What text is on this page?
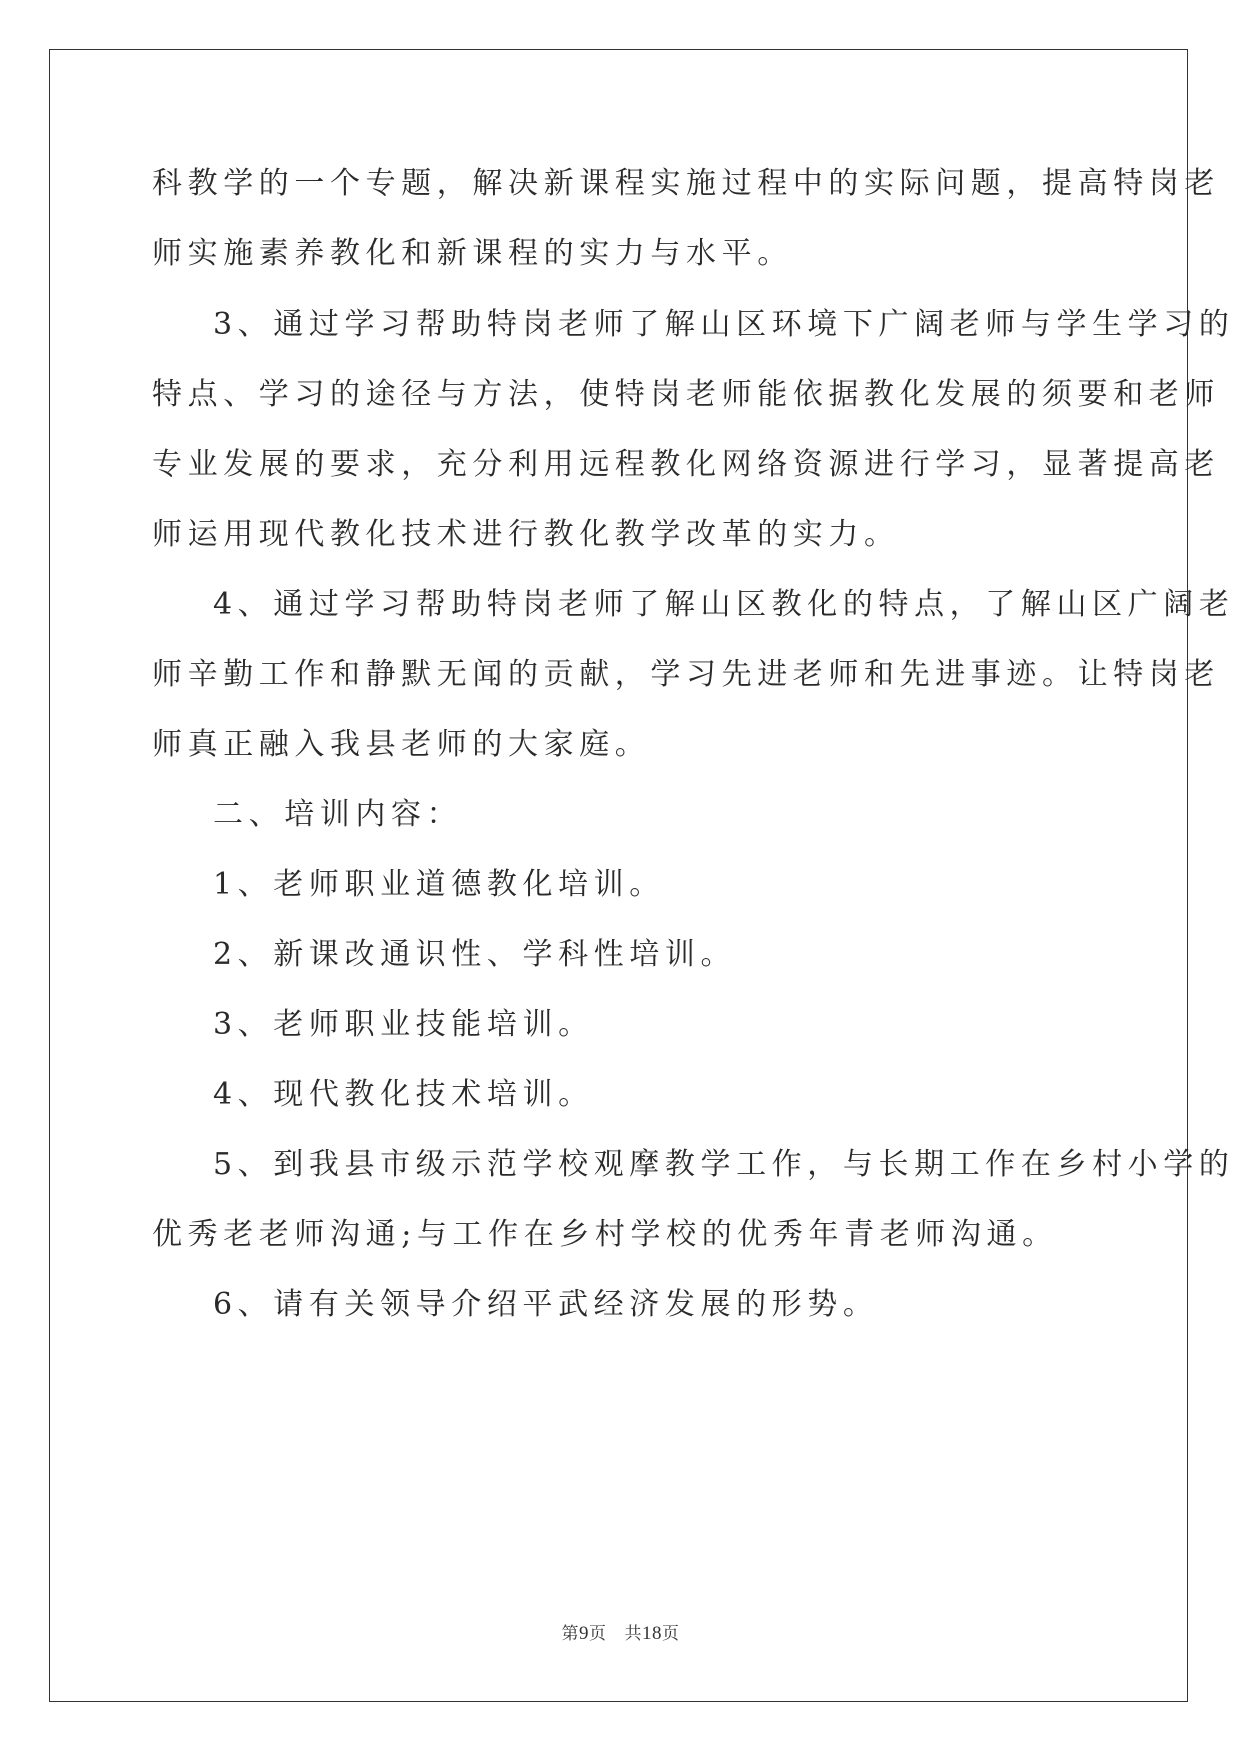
科教学的一个专题，解决新课程实施过程中的实际问题，提高特岗老
师实施素养教化和新课程的实力与水平。
3、通过学习帮助特岗老师了解山区环境下广阔老师与学生学习的
特点、学习的途径与方法，使特岗老师能依据教化发展的须要和老师
专业发展的要求，充分利用远程教化网络资源进行学习，显著提高老
师运用现代教化技术进行教化教学改革的实力。
4、通过学习帮助特岗老师了解山区教化的特点，了解山区广阔老
师辛勤工作和静默无闻的贡献，学习先进老师和先进事迹。让特岗老
师真正融入我县老师的大家庭。
二、培训内容：
1、老师职业道德教化培训。
2、新课改通识性、学科性培训。
3、老师职业技能培训。
4、现代教化技术培训。
5、到我县市级示范学校观摩教学工作，与长期工作在乡村小学的
优秀老老师沟通;与工作在乡村学校的优秀年青老师沟通。
6、请有关领导介绍平武经济发展的形势。
第9页 共18页
